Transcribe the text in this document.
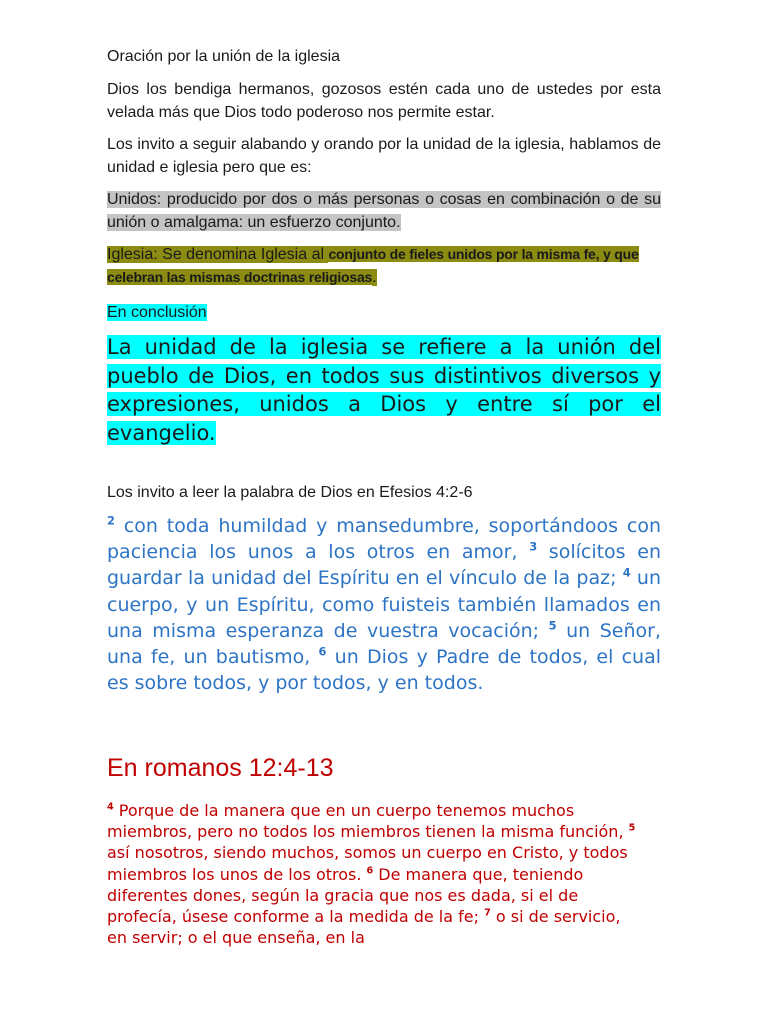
Oración por la unión de la iglesia
Dios los bendiga hermanos, gozosos estén cada uno de ustedes por esta velada más que Dios todo poderoso nos permite estar.
Los invito a seguir alabando y orando por la unidad de la iglesia, hablamos de unidad e iglesia pero que es:
Unidos: producido por dos o más personas o cosas en combinación o de su unión o amalgama: un esfuerzo conjunto.
Iglesia: Se denomina Iglesia al conjunto de fieles unidos por la misma fe, y que celebran las mismas doctrinas religiosas.
En conclusión
La unidad de la iglesia se refiere a la unión del pueblo de Dios, en todos sus distintivos diversos y expresiones, unidos a Dios y entre sí por el evangelio.
Los invito a leer la palabra de Dios en Efesios 4:2-6
$^2$ con toda humildad y mansedumbre, soportándoos con paciencia los unos a los otros en amor, $^3$ solícitos en guardar la unidad del Espíritu en el vínculo de la paz; $^4$ un cuerpo, y un Espíritu, como fuisteis también llamados en una misma esperanza de vuestra vocación; $^5$ un Señor, una fe, un bautismo, $^6$ un Dios y Padre de todos, el cual es sobre todos, y por todos, y en todos.
En romanos 12:4-13
$^4$ Porque de la manera que en un cuerpo tenemos muchos miembros, pero no todos los miembros tienen la misma función, $^5$ así nosotros, siendo muchos, somos un cuerpo en Cristo, y todos miembros los unos de los otros. $^6$ De manera que, teniendo diferentes dones, según la gracia que nos es dada, si el de profecía, úsese conforme a la medida de la fe; $^7$ o si de servicio, en servir; o el que enseña, en la
